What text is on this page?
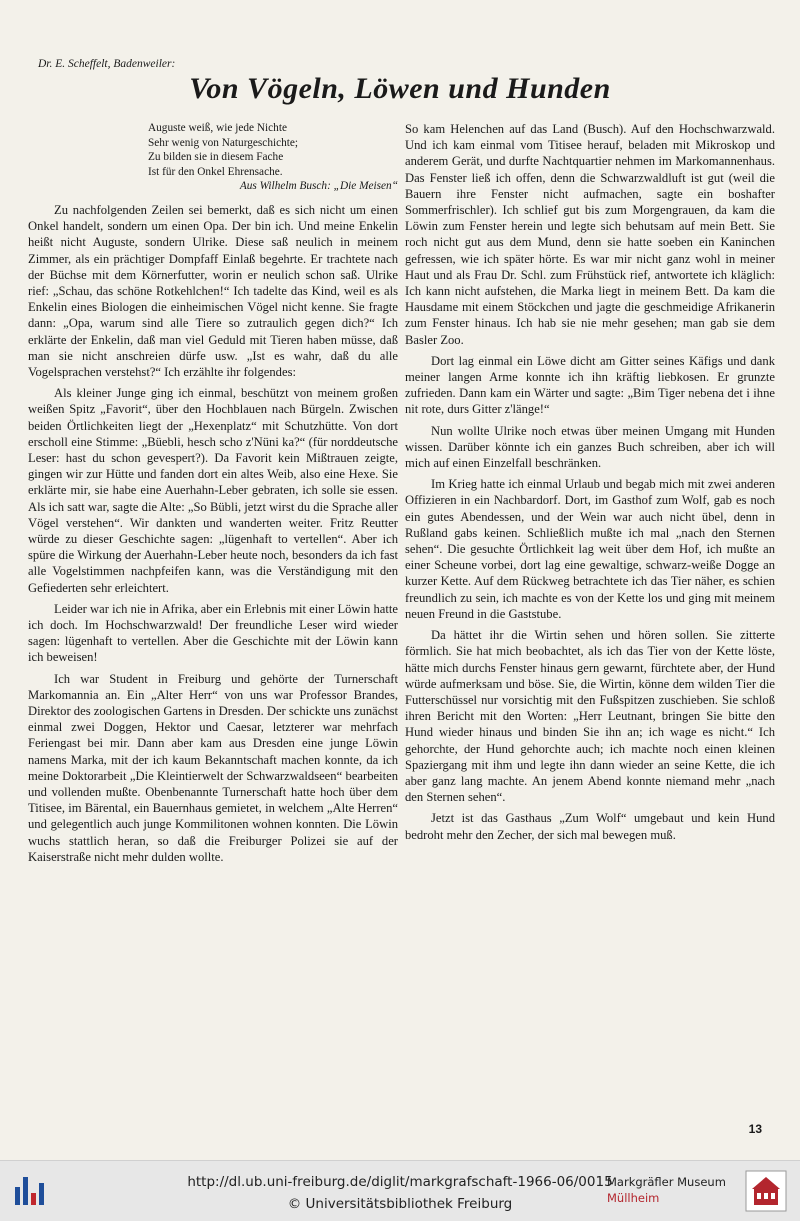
Dr. E. Scheffelt, Badenweiler:
Von Vögeln, Löwen und Hunden
Auguste weiß, wie jede Nichte
Sehr wenig von Naturgeschichte;
Zu bilden sie in diesem Fache
Ist für den Onkel Ehrensache.
Aus Wilhelm Busch: „Die Meisen“

Zu nachfolgenden Zeilen sei bemerkt, daß es sich nicht um einen Onkel handelt, sondern um einen Opa. Der bin ich. Und meine Enkelin heißt nicht Auguste, sondern Ulrike. Diese saß neulich in meinem Zimmer, als ein prächtiger Dompfaff Einlaß begehrte. Er trachtete nach der Büchse mit dem Körnerfutter, worin er neulich schon saß. Ulrike rief: „Schau, das schöne Rotkehlchen!“ Ich tadelte das Kind, weil es als Enkelin eines Biologen die einheimischen Vögel nicht kenne. Sie fragte dann: „Opa, warum sind alle Tiere so zutraulich gegen dich?“ Ich erklärte der Enkelin, daß man viel Geduld mit Tieren haben müsse, daß man sie nicht anschreien dürfe usw. „Ist es wahr, daß du alle Vogelsprachen verstehst?“ Ich erzählte ihr folgendes:

Als kleiner Junge ging ich einmal, beschützt von meinem großen weißen Spitz „Favorit“, über den Hochblauen nach Bürgeln. Zwischen beiden Örtlichkeiten liegt der „Hexenplatz“ mit Schutzhütte. Von dort erscholl eine Stimme: „Büebli, hesch scho z'Nüni ka?“ (für norddeutsche Leser: hast du schon gevespert?). Da Favorit kein Mißtrauen zeigte, gingen wir zur Hütte und fanden dort ein altes Weib, also eine Hexe. Sie erklärte mir, sie habe eine Auerhahn-Leber gebraten, ich solle sie essen. Als ich satt war, sagte die Alte: „So Bübli, jetzt wirst du die Sprache aller Vögel verstehen“. Wir dankten und wanderten weiter. Fritz Reutter würde zu dieser Geschichte sagen: „lügenhaft to vertellen“. Aber ich spüre die Wirkung der Auerhahn-Leber heute noch, besonders da ich fast alle Vogelstimmen nachpfeifen kann, was die Verständigung mit den Gefiederten sehr erleichtert.

Leider war ich nie in Afrika, aber ein Erlebnis mit einer Löwin hatte ich doch. Im Hochschwarzwald! Der freundliche Leser wird wieder sagen: lügenhaft to vertellen. Aber die Geschichte mit der Löwin kann ich beweisen!

Ich war Student in Freiburg und gehörte der Turnerschaft Markomannia an. Ein „Alter Herr“ von uns war Professor Brandes, Direktor des zoologischen Gartens in Dresden. Der schickte uns zunächst einmal zwei Doggen, Hektor und Caesar, letzterer war mehrfach Feriengast bei mir. Dann aber kam aus Dresden eine junge Löwin namens Marka, mit der ich kaum Bekanntschaft machen konnte, da ich meine Doktorarbeit „Die Kleintierwelt der Schwarzwaldseen“ bearbeiten und vollenden mußte. Obenbenannte Turnerschaft hatte hoch über dem Titisee, im Bärental, ein Bauernhaus gemietet, in welchem „Alte Herren“ und gelegentlich auch junge Kommilitonen wohnen konnten. Die Löwin wuchs stattlich heran, so daß die Freiburger Polizei sie auf der Kaiserstraße nicht mehr dulden wollte.

So kam Helenchen auf das Land (Busch). Auf den Hochschwarzwald. Und ich kam einmal vom Titisee herauf, beladen mit Mikroskop und anderem Gerät, und durfte Nachtquartier nehmen im Markomannenhaus. Das Fenster ließ ich offen, denn die Schwarzwaldluft ist gut (weil die Bauern ihre Fenster nicht aufmachen, sagte ein boshafter Sommerfrischler). Ich schlief gut bis zum Morgengrauen, da kam die Löwin zum Fenster herein und legte sich behutsam auf mein Bett. Sie roch nicht gut aus dem Mund, denn sie hatte soeben ein Kaninchen gefressen, wie ich später hörte. Es war mir nicht ganz wohl in meiner Haut und als Frau Dr. Schl. zum Frühstück rief, antwortete ich kläglich: Ich kann nicht aufstehen, die Marka liegt in meinem Bett. Da kam die Hausdame mit einem Stöckchen und jagte die geschmeidige Afrikanerin zum Fenster hinaus. Ich hab sie nie mehr gesehen; man gab sie dem Basler Zoo.

Dort lag einmal ein Löwe dicht am Gitter seines Käfigs und dank meiner langen Arme konnte ich ihn kräftig liebkosen. Er grunzte zufrieden. Dann kam ein Wärter und sagte: „Bim Tiger nebena det i ihne nit rote, durs Gitter z'länge!“

Nun wollte Ulrike noch etwas über meinen Umgang mit Hunden wissen. Darüber könnte ich ein ganzes Buch schreiben, aber ich will mich auf einen Einzelfall beschränken.

Im Krieg hatte ich einmal Urlaub und begab mich mit zwei anderen Offizieren in ein Nachbardorf. Dort, im Gasthof zum Wolf, gab es noch ein gutes Abendessen, und der Wein war auch nicht übel, denn in Rußland gabs keinen. Schließlich mußte ich mal „nach den Sternen sehen“. Die gesuchte Örtlichkeit lag weit über dem Hof, ich mußte an einer Scheune vorbei, dort lag eine gewaltige, schwarz-weiße Dogge an kurzer Kette. Auf dem Rückweg betrachtete ich das Tier näher, es schien freundlich zu sein, ich machte es von der Kette los und ging mit meinem neuen Freund in die Gaststube.

Da hättet ihr die Wirtin sehen und hören sollen. Sie zitterte förmlich. Sie hat mich beobachtet, als ich das Tier von der Kette löste, hätte mich durchs Fenster hinaus gern gewarnt, fürchtete aber, der Hund würde aufmerksam und böse. Sie, die Wirtin, könne dem wilden Tier die Futterschüssel nur vorsichtig mit den Fußspitzen zuschieben. Sie schloß ihren Bericht mit den Worten: „Herr Leutnant, bringen Sie bitte den Hund wieder hinaus und binden Sie ihn an; ich wage es nicht.“ Ich gehorchte, der Hund gehorchte auch; ich machte noch einen kleinen Spaziergang mit ihm und legte ihn dann wieder an seine Kette, die ich aber ganz lang machte. An jenem Abend konnte niemand mehr „nach den Sternen sehen“.

Jetzt ist das Gasthaus „Zum Wolf“ umgebaut und kein Hund bedroht mehr den Zecher, der sich mal bewegen muß.

13
http://dl.ub.uni-freiburg.de/diglit/markgrafschaft-1966-06/0015
© Universitätsbibliothek Freiburg
Markgräfler Museum
Müllheim
